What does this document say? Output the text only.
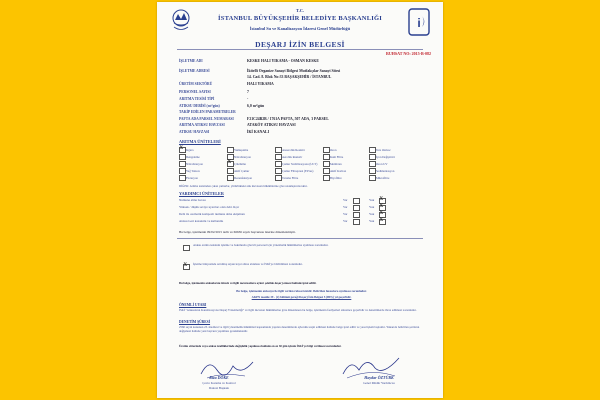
i
T.C.
İSTANBUL BÜYÜKŞEHİR BELEDİYE BAŞKANLIĞI
İstanbul Su ve Kanalizasyon İdaresi Genel Müdürlüğü
DEŞARJ İZİN BELGESİ
RUHSAT NO: 2015-B-082
İŞLETME ADI	KESKE HALI YIKAMA - OSMAN KESKE
İŞLETME ADRESİ	İkitelli Organize Sanayi Bölgesi Mutfakçılar Sanayi Sitesi
14. Cad. 8. Blok No:33 BAŞAKŞEHİR / İSTANBUL
ÜRETİM SEKTÖRÜ	HALI YIKAMA
PERSONEL SAYISI	7
ARITMA TESİSİ TİPİ	-
ATIKSU DEBİSİ (m³/gün)	6,0 m³/gün
TAKİP EDİLEN PARAMETRELER
PAFTA ADA PARSEL NUMARASI	F21C24B2B / 1761A PAFTA, 507 ADA, 3 PARSEL
ARITMA ATIKSU HAVZASI	ATAKÖY ATIKSU HAVZASI
ATIKSU HAVZASI	İKİ KANALI
ARITMA ÜNİTELERİ
X Izgara	Yumuşatma	Anaerobik Reaktör	Ozon	Ters Ozmoz
Dengeleme	Nötralizasyon	Aerobik Reaktör	Kum Filtre	İyon Değiştirici
Nötralizasyon	X Çöktürme	Çamur Stabilizasyonu (UCT)	Membran	Ozon UV
Yağ Tutucu	Aktif Çamur	Çamur Filtrepresi (F.Pres)	Aktif Karbon	Sedimentasyon
Flotasyon	Dezenfeksiyon	Tarama Filtre	Biyofiltre	Mikrofiltre
DİĞER: Aritma tesisinden çıkan çamurlar, yürürlükteki atık mevzuatı hükümlerine göre uzaklaştırılacaktır.
YARDIMCI ÜNİTELER
Numune alma bacası	Var	Yok X
Yüksek / düşük seviye uyarıları olan debi ölçer	Var	Yok X
Debi ile otomatik kompozit numune alma ekipmanı	Var	Yok X
Atıksu Geri kazanımı ve kullanımı	Var	Yok X
Bu belge, işletmenin 09/02/2015 tarih ve 66636 sayılı başvurusu üzerine düzenlenmiştir.
Atıksu arıtma tesisinin işletme ve bakımında görevli personel için yönetmelik hükümlerine uyulması zorunludur.
X İşletme bünyesinde arıtılmış suyun kayıt altına alınması ve İSKİ'ye bildirilmesi zorunludur.
Bu belge, işletmenin atıksularını izinsiz ve ilgili mevzuatlara aykırı şekilde deşarj etmesi halinde iptal edilir.
Bu belge, işletmenin atıksuyu ile ilgili verilen ruhsat iznidir. Belirtilen hususlara uyulması zorunludur.
AKPN madde 39 - (2) bölümü gereği Deşarj İzin Belgesi 5 (BEŞ) yıl geçerlidir.
ÖNEMLİ UYARI
İSKİ "Atıksuların Kanalizasyona Deşarj Yönetmeliği" ve ilgili mevzuat hükümlerine göre düzenlenen bu belge, işletmenin faaliyetleri süresince geçerlidir ve denetimlerde ibraz edilmesi zorunludur.
DENETİM ŞÜRESİ
2560 sayılı kanunun 23. maddesi ve ilgili yönetmelik hükümleri kapsamında yapılan denetimlerde aykırılık tespit edilmesi halinde belge iptal edilir ve yasal işlem başlatılır. Yukarıda belirtilen şartların değişmesi halinde yeni başvuru yapılması gerekmektedir.
Üretim sürecinde veya atıksu özelliklerinde değişiklik yapılması halinde en az 30 gün içinde İSKİ'ye bilgi verilmesi zorunludur.
Riza DÖKE
Çevre Koruma ve Kontrol
Dairesi Başkanı
Haydar ÖZTÜRK
Genel Müdür Yardımcısı
